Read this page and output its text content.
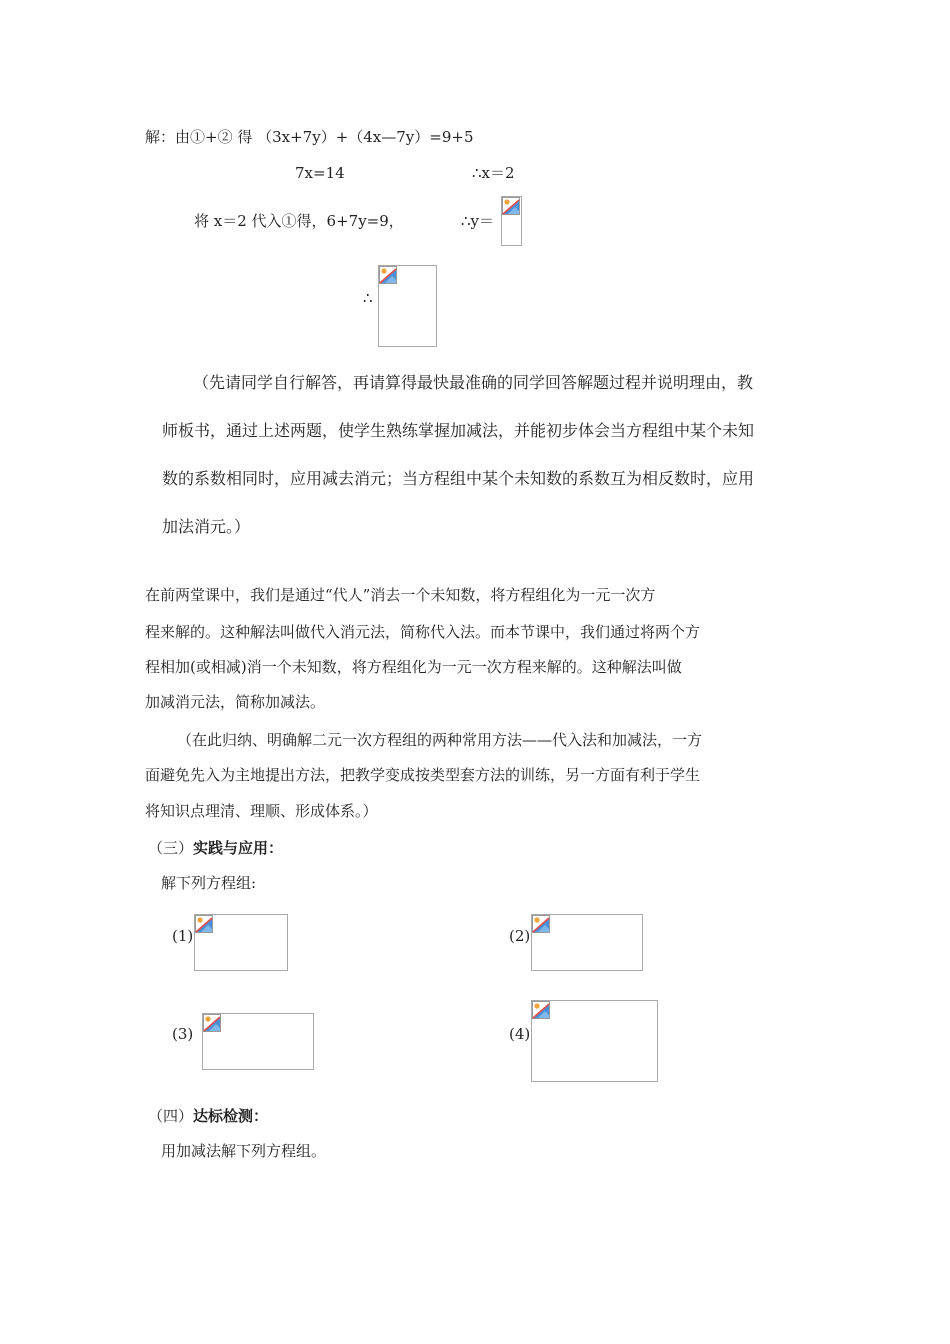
解：由①+② 得 （3x+7y）+（4x—7y）=9+5
7x=14	∴x＝2
将 x＝2 代入①得，6+7y=9，	∴y＝
∴
（先请同学自行解答，再请算得最快最准确的同学回答解题过程并说明理由，教
师板书，通过上述两题，使学生熟练掌握加减法，并能初步体会当方程组中某个未知
数的系数相同时，应用减去消元；当方程组中某个未知数的系数互为相反数时，应用
加法消元。）
在前两堂课中，我们是通过“代人”消去一个未知数，将方程组化为一元一次方
程来解的。这种解法叫做代入消元法，简称代入法。而本节课中，我们通过将两个方
程相加(或相减)消一个未知数，将方程组化为一元一次方程来解的。这种解法叫做
加减消元法，简称加减法。
（在此归纳、明确解二元一次方程组的两种常用方法——代入法和加减法，一方
面避免先入为主地提出方法，把教学变成按类型套方法的训练，另一方面有利于学生
将知识点理清、理顺、形成体系。）
（三）实践与应用：
解下列方程组:
(1)	(2)
(3)	(4)
（四）达标检测：
用加减法解下列方程组。
